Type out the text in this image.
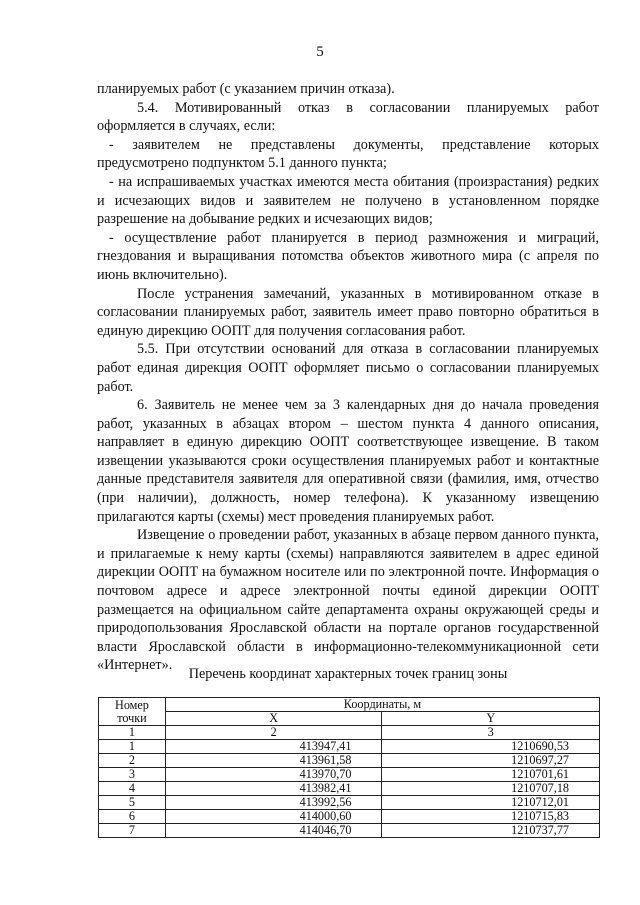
5

планируемых работ (с указанием причин отказа).

5.4. Мотивированный отказ в согласовании планируемых работ оформляется в случаях, если:

- заявителем не представлены документы, представление которых предусмотрено подпунктом 5.1 данного пункта;

- на испрашиваемых участках имеются места обитания (произрастания) редких и исчезающих видов и заявителем не получено в установленном порядке разрешение на добывание редких и исчезающих видов;

- осуществление работ планируется в период размножения и миграций, гнездования и выращивания потомства объектов животного мира (с апреля по июнь включительно).

После устранения замечаний, указанных в мотивированном отказе в согласовании планируемых работ, заявитель имеет право повторно обратиться в единую дирекцию ООПТ для получения согласования работ.

5.5. При отсутствии оснований для отказа в согласовании планируемых работ единая дирекция ООПТ оформляет письмо о согласовании планируемых работ.

6. Заявитель не менее чем за 3 календарных дня до начала проведения работ, указанных в абзацах втором – шестом пункта 4 данного описания, направляет в единую дирекцию ООПТ соответствующее извещение. В таком извещении указываются сроки осуществления планируемых работ и контактные данные представителя заявителя для оперативной связи (фамилия, имя, отчество (при наличии), должность, номер телефона). К указанному извещению прилагаются карты (схемы) мест проведения планируемых работ.

Извещение о проведении работ, указанных в абзаце первом данного пункта, и прилагаемые к нему карты (схемы) направляются заявителем в адрес единой дирекции ООПТ на бумажном носителе или по электронной почте. Информация о почтовом адресе и адресе электронной почты единой дирекции ООПТ размещается на официальном сайте департамента охраны окружающей среды и природопользования Ярославской области на портале органов государственной власти Ярославской области в информационно-телекоммуникационной сети «Интернет».

Перечень координат характерных точек границ зоны
Номер
точки	Координаты, м	
	X	Y
1	2	3
1	413947,41	1210690,53
2	413961,58	1210697,27
3	413970,70	1210701,61
4	413982,41	1210707,18
5	413992,56	1210712,01
6	414000,60	1210715,83
7	414046,70	1210737,77
